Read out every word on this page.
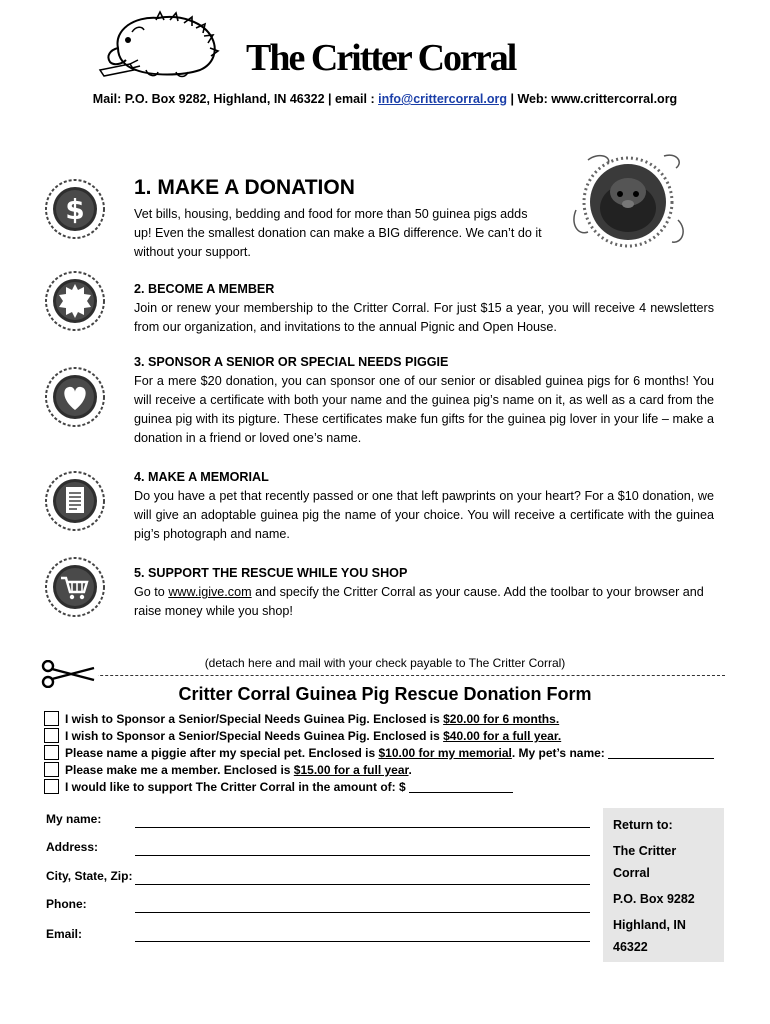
The Critter Corral
Mail: P.O. Box 9282, Highland, IN 46322 | email : info@crittercorral.org | Web: www.crittercorral.org
$
1. MAKE A DONATION
Vet bills, housing, bedding and food for more than 50 guinea pigs adds up! Even the smallest donation can make a BIG difference. We can’t do it without your support.
2. BECOME A MEMBER
Join or renew your membership to the Critter Corral. For just $15 a year, you will receive 4 newsletters from our organization, and invitations to the annual Pignic and Open House.
3. SPONSOR A SENIOR OR SPECIAL NEEDS PIGGIE
For a mere $20 donation, you can sponsor one of our senior or disabled guinea pigs for 6 months! You will receive a certificate with both your name and the guinea pig’s name on it, as well as a card from the guinea pig with its pigture. These certificates make fun gifts for the guinea pig lover in your life – make a donation in a friend or loved one’s name.
4. MAKE A MEMORIAL
Do you have a pet that recently passed or one that left pawprints on your heart? For a $10 donation, we will give an adoptable guinea pig the name of your choice. You will receive a certificate with the guinea pig’s photograph and name.
5. SUPPORT THE RESCUE WHILE YOU SHOP
Go to www.igive.com and specify the Critter Corral as your cause. Add the toolbar to your browser and raise money while you shop!
(detach here and mail with your check payable to The Critter Corral)
Critter Corral Guinea Pig Rescue Donation Form
I wish to Sponsor a Senior/Special Needs Guinea Pig. Enclosed is $20.00 for 6 months.
I wish to Sponsor a Senior/Special Needs Guinea Pig. Enclosed is $40.00 for a full year.
Please name a piggie after my special pet. Enclosed is $10.00 for my memorial. My pet’s name:
Please make me a member. Enclosed is $15.00 for a full year.
I would like to support The Critter Corral in the amount of: $
My name:
Address:
City, State, Zip:
Phone:
Email:
Return to:
The Critter
Corral
P.O. Box 9282
Highland, IN
46322
